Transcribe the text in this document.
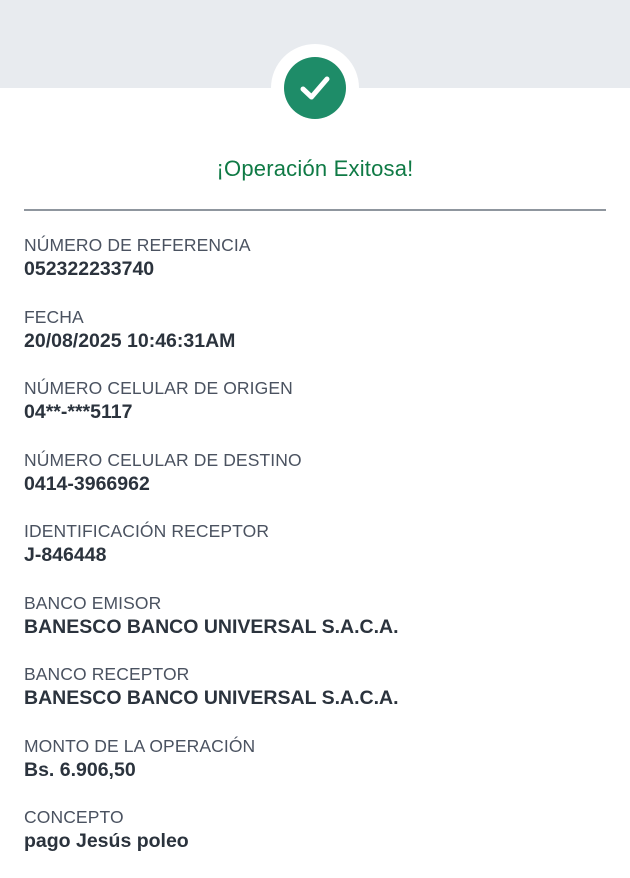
¡Operación Exitosa!
NÚMERO DE REFERENCIA
052322233740
FECHA
20/08/2025 10:46:31AM
NÚMERO CELULAR DE ORIGEN
04**-***5117
NÚMERO CELULAR DE DESTINO
0414-3966962
IDENTIFICACIÓN RECEPTOR
J-846448
BANCO EMISOR
BANESCO BANCO UNIVERSAL S.A.C.A.
BANCO RECEPTOR
BANESCO BANCO UNIVERSAL S.A.C.A.
MONTO DE LA OPERACIÓN
Bs. 6.906,50
CONCEPTO
pago Jesús poleo
